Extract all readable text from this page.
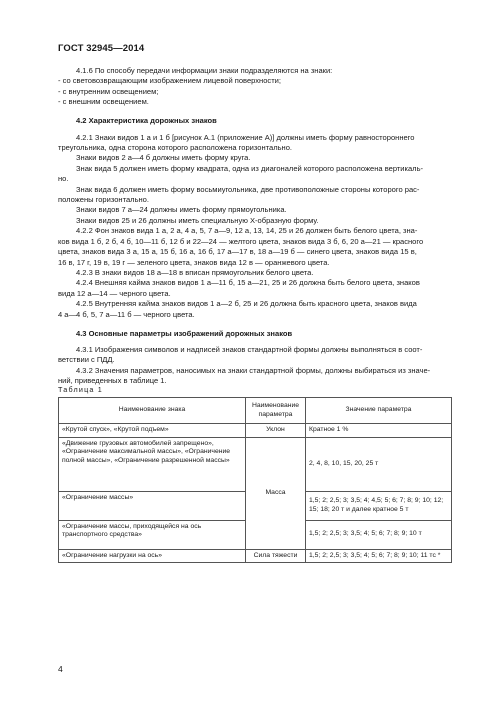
ГОСТ 32945—2014

4.1.6 По способу передачи информации знаки подразделяются на знаки:

- со световозвращающим изображением лицевой поверхности;

- с внутренним освещением;

- с внешним освещением.

4.2 Характеристика дорожных знаков

4.2.1 Знаки видов 1 а и 1 б [рисунок А.1 (приложение А)] должны иметь форму равностороннего

треугольника, одна сторона которого расположена горизонтально.

Знаки видов 2 а—4 б должны иметь форму круга.

Знак вида 5 должен иметь форму квадрата, одна из диагоналей которого расположена вертикаль-

но.

Знак вида 6 должен иметь форму восьмиугольника, две противоположные стороны которого рас-

положены горизонтально.

Знаки видов 7 а—24 должны иметь форму прямоугольника.

Знаки видов 25 и 26 должны иметь специальную Х-образную форму.

4.2.2 Фон знаков вида 1 а, 2 а, 4 а, 5, 7 а—9, 12 а, 13, 14, 25 и 26 должен быть белого цвета, зна-

ков вида 1 б, 2 б, 4 б, 10—11 б, 12 б и 22—24 — желтого цвета, знаков вида 3 б, 6, 20 а—21 — красного

цвета, знаков вида 3 а, 15 а, 15 б, 16 а, 16 б, 17 а—17 в, 18 а—19 б — синего цвета, знаков вида 15 в,

16 в, 17 г, 19 в, 19 г — зеленого цвета, знаков вида 12 в — оранжевого цвета.

4.2.3 В знаки видов 18 а—18 в вписан прямоугольник белого цвета.

4.2.4 Внешняя кайма знаков видов 1 а—11 б, 15 а—21, 25 и 26 должна быть белого цвета, знаков

вида 12 а—14 — черного цвета.

4.2.5 Внутренняя кайма знаков видов 1 а—2 б, 25 и 26 должна быть красного цвета, знаков вида

4 а—4 б, 5, 7 а—11 б — черного цвета.

4.3 Основные параметры изображений дорожных знаков

4.3.1 Изображения символов и надписей знаков стандартной формы должны выполняться в соот-

ветствии с ПДД.

4.3.2 Значения параметров, наносимых на знаки стандартной формы, должны выбираться из значе-

ний, приведенных в таблице 1.

Таблица 1
Наименование знака	Наименование параметра	Значение параметра
«Крутой спуск», «Крутой подъем»	Уклон	Кратное 1 %
«Движение грузовых автомобилей запрещено», «Ограничение максимальной массы», «Ограничение полной массы», «Ограничение разрешенной массы»	Масса	2, 4, 8, 10, 15, 20, 25 т
«Ограничение массы»		1,5; 2; 2,5; 3; 3,5; 4; 4,5; 5; 6; 7; 8; 9; 10; 12; 15; 18; 20 т и далее кратное 5 т
«Ограничение массы, приходящейся на ось транспортного средства»		1,5; 2; 2,5; 3; 3,5; 4; 5; 6; 7; 8; 9; 10 т
«Ограничение нагрузки на ось»	Сила тяжести	1,5; 2; 2,5; 3; 3,5; 4; 5; 6; 7; 8; 9; 10; 11 тс *
4
